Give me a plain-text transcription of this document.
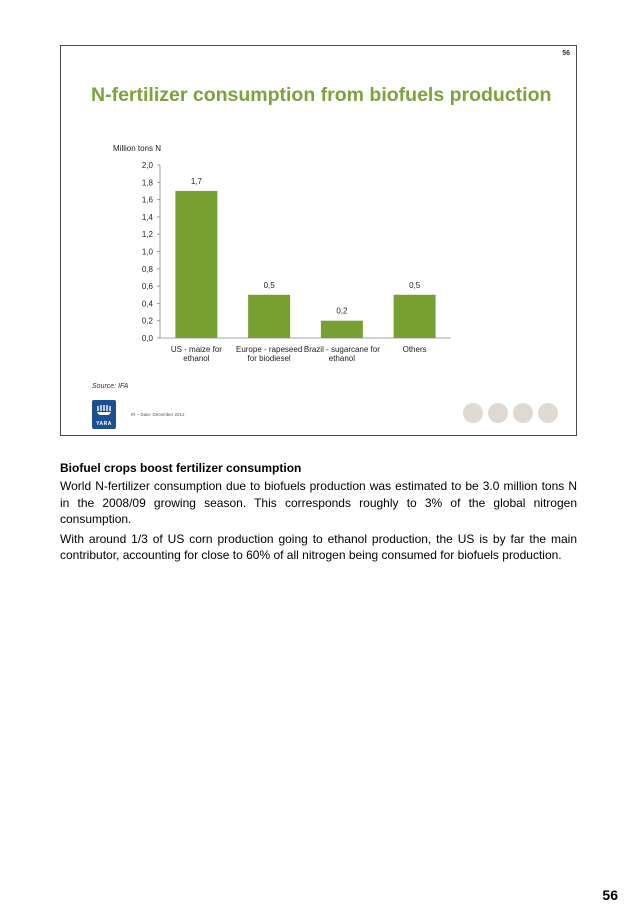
56
N-fertilizer consumption from biofuels production
Million tons N
0,0
0,2
0,4
0,6
0,8
1,0
1,2
1,4
1,6
1,8
2,0
1,7
US - maize for
ethanol
0,5
Europe - rapeseed
for biodiesel
0,2
Brazil - sugarcane for
ethanol
0,5
Others
Source: IFA
YARA
IR – Date: December 2012

Biofuel crops boost fertilizer consumption

World N-fertilizer consumption due to biofuels production was estimated to be 3.0 million tons N in the 2008/09 growing season. This corresponds roughly to 3% of the global nitrogen consumption.

With around 1/3 of US corn production going to ethanol production, the US is by far the main contributor, accounting for close to 60% of all nitrogen being consumed for biofuels production.

56
